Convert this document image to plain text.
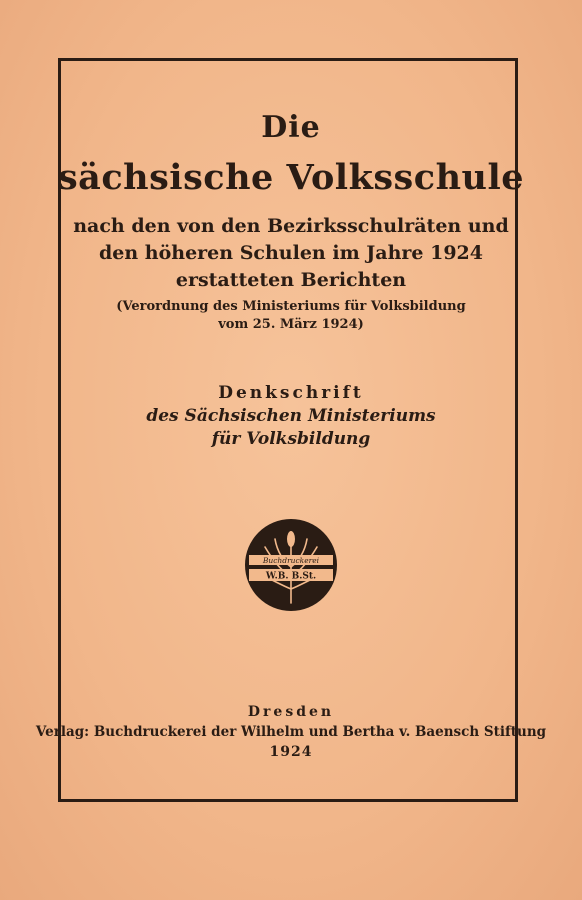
Die
sächsische Volksschule
nach den von den Bezirksschulräten und
den höheren Schulen im Jahre 1924
erstatteten Berichten
(Verordnung des Ministeriums für Volksbildung
vom 25. März 1924)
Denkschrift
des Sächsischen Ministeriums
für Volksbildung
Buchdruckerei
W.B. B.St.
Dresden
Verlag: Buchdruckerei der Wilhelm und Bertha v. Baensch Stiftung
1924
